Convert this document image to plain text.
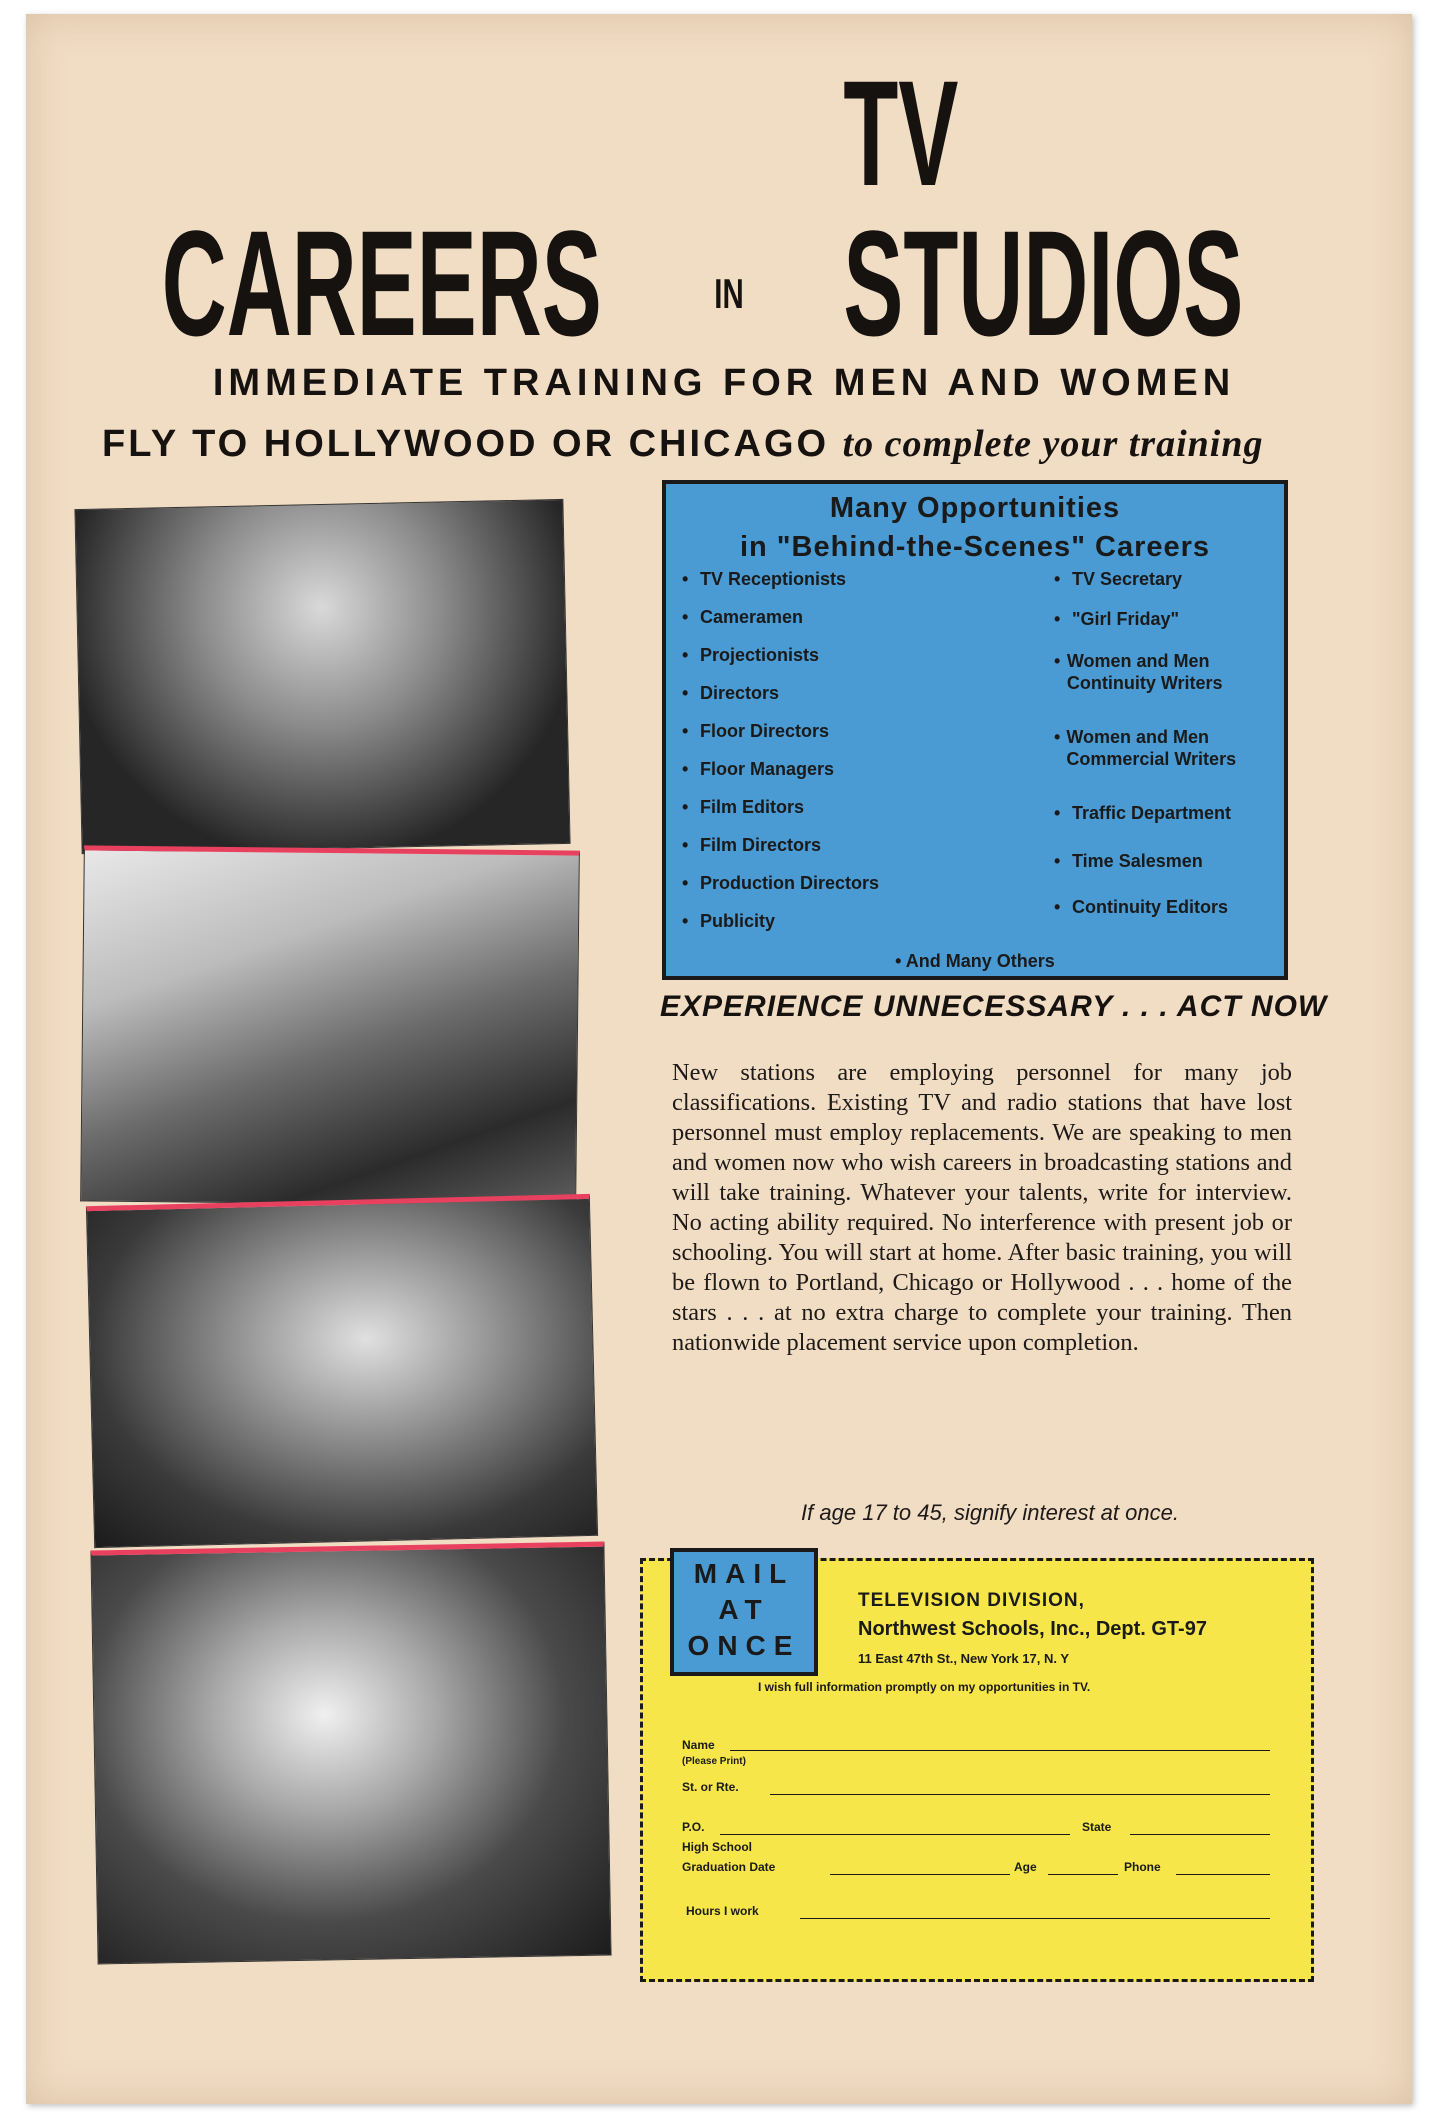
CAREERS	IN
TV STUDIOS
IMMEDIATE TRAINING FOR MEN AND WOMEN
FLY TO HOLLYWOOD OR CHICAGO to complete your training
Many Opportunities
in "Behind-the-Scenes" Careers
• TV Receptionists
• Cameramen
• Projectionists
• Directors
• Floor Directors
• Floor Managers
• Film Editors
• Film Directors
• Production Directors
• Publicity
• TV Secretary
• "Girl Friday"
• Women and Men Continuity Writers
• Women and Men Commercial Writers
• Traffic Department
• Time Salesmen
• Continuity Editors
• And Many Others
EXPERIENCE UNNECESSARY . . . ACT NOW
New stations are employing personnel for many job classifications. Existing TV and radio stations that have lost personnel must employ replacements. We are speaking to men and women now who wish careers in broadcasting stations and will take training. Whatever your talents, write for interview. No acting ability required. No interference with present job or schooling. You will start at home. After basic training, you will be flown to Portland, Chicago or Hollywood . . . home of the stars . . . at no extra charge to complete your training. Then nationwide placement service upon completion.
If age 17 to 45, signify interest at once.
MAIL
AT
ONCE
TELEVISION DIVISION,
Northwest Schools, Inc., Dept. GT-97
11 East 47th St., New York 17, N. Y
I wish full information promptly on my opportunities in TV.
Name
(Please Print)
St. or Rte.
P.O.	State
High School
Graduation Date	Age	Phone
Hours I work
